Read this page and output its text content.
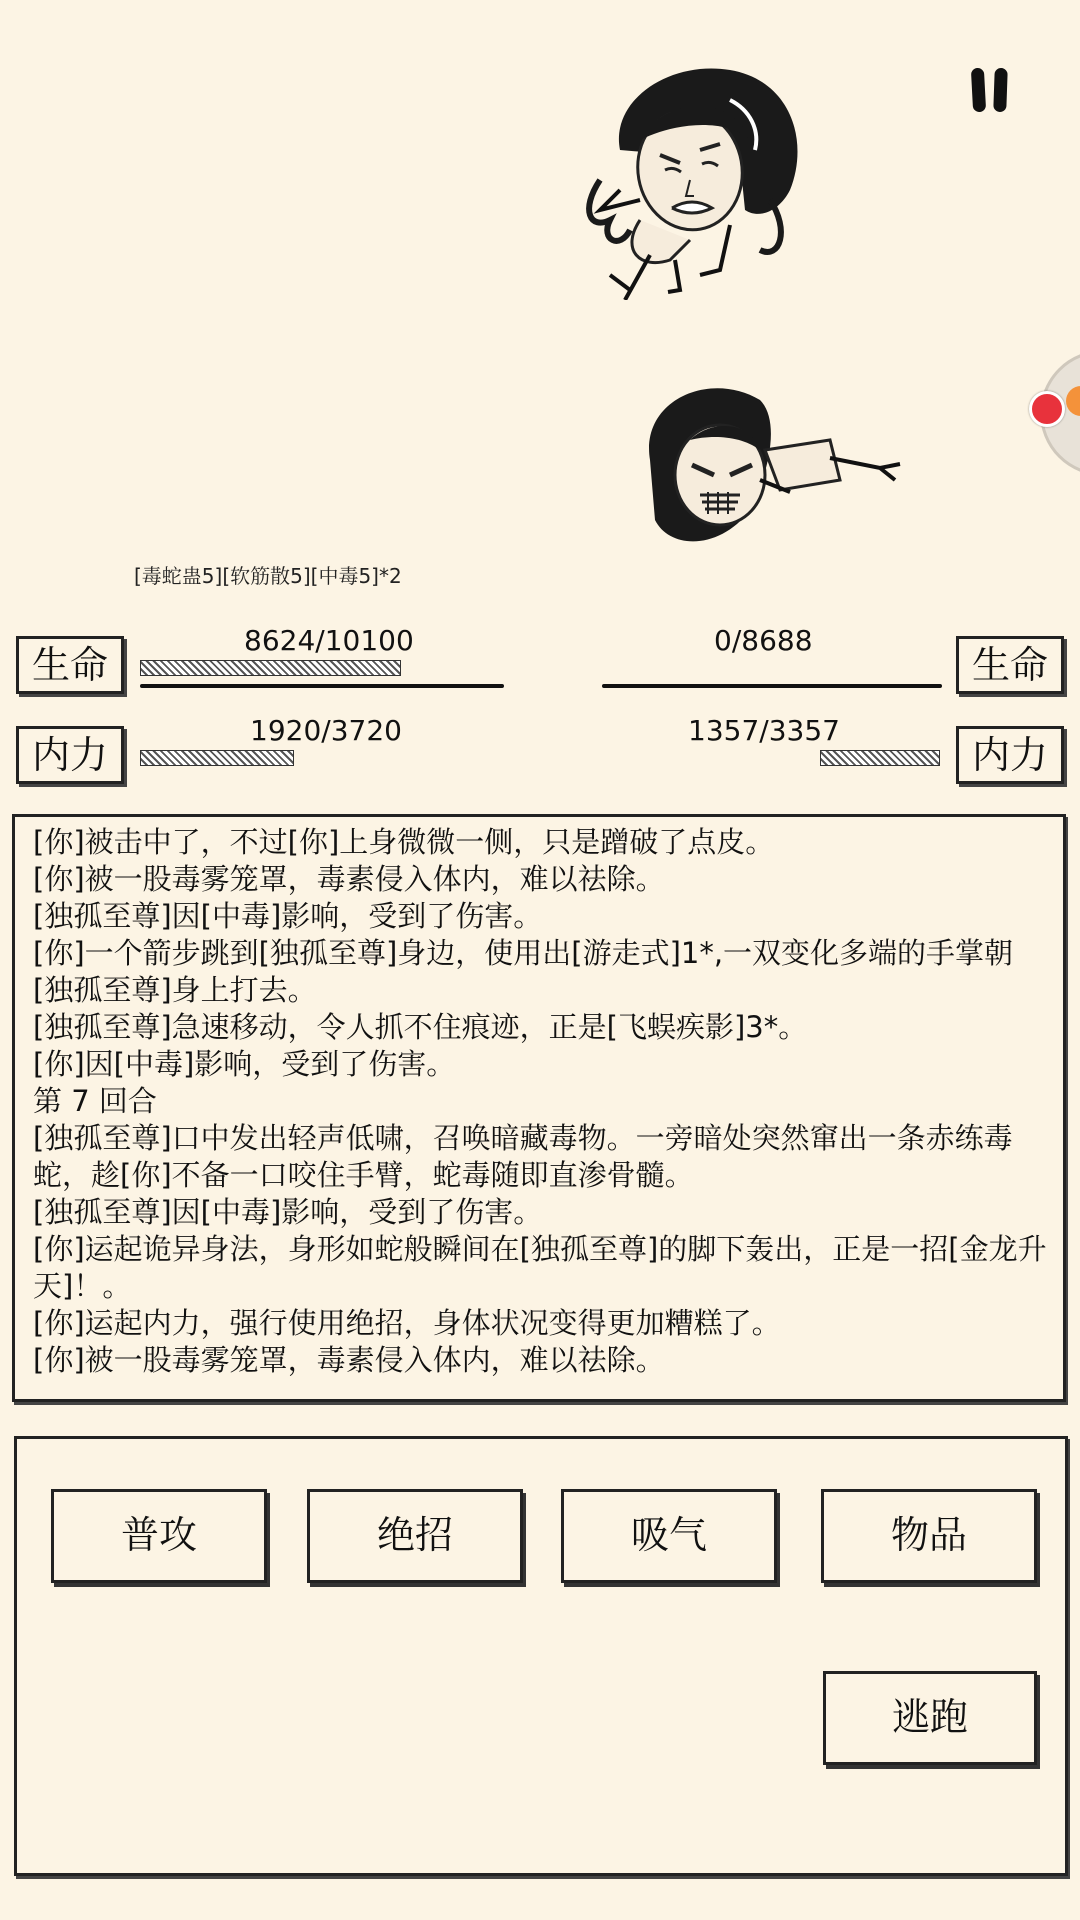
[毒蛇蛊5][软筋散5][中毒5]*2
生命
8624/10100
内力
1920/3720
生命
0/8688
内力
1357/3357
[你]被击中了，不过[你]上身微微一侧，只是蹭破了点皮。
[你]被一股毒雾笼罩，毒素侵入体内，难以祛除。
[独孤至尊]因[中毒]影响，受到了伤害。
[你]一个箭步跳到[独孤至尊]身边，使用出[游走式]1*,一双变化多端的手掌朝[独孤至尊]身上打去。
[独孤至尊]急速移动，令人抓不住痕迹，正是[飞蜈疾影]3*。
[你]因[中毒]影响，受到了伤害。
第 7 回合
[独孤至尊]口中发出轻声低啸，召唤暗藏毒物。一旁暗处突然窜出一条赤练毒蛇，趁[你]不备一口咬住手臂，蛇毒随即直渗骨髓。
[独孤至尊]因[中毒]影响，受到了伤害。
[你]运起诡异身法，身形如蛇般瞬间在[独孤至尊]的脚下轰出，正是一招[金龙升天]！。
[你]运起内力，强行使用绝招，身体状况变得更加糟糕了。
[你]被一股毒雾笼罩，毒素侵入体内，难以祛除。
普攻	绝招	吸气	物品
逃跑
